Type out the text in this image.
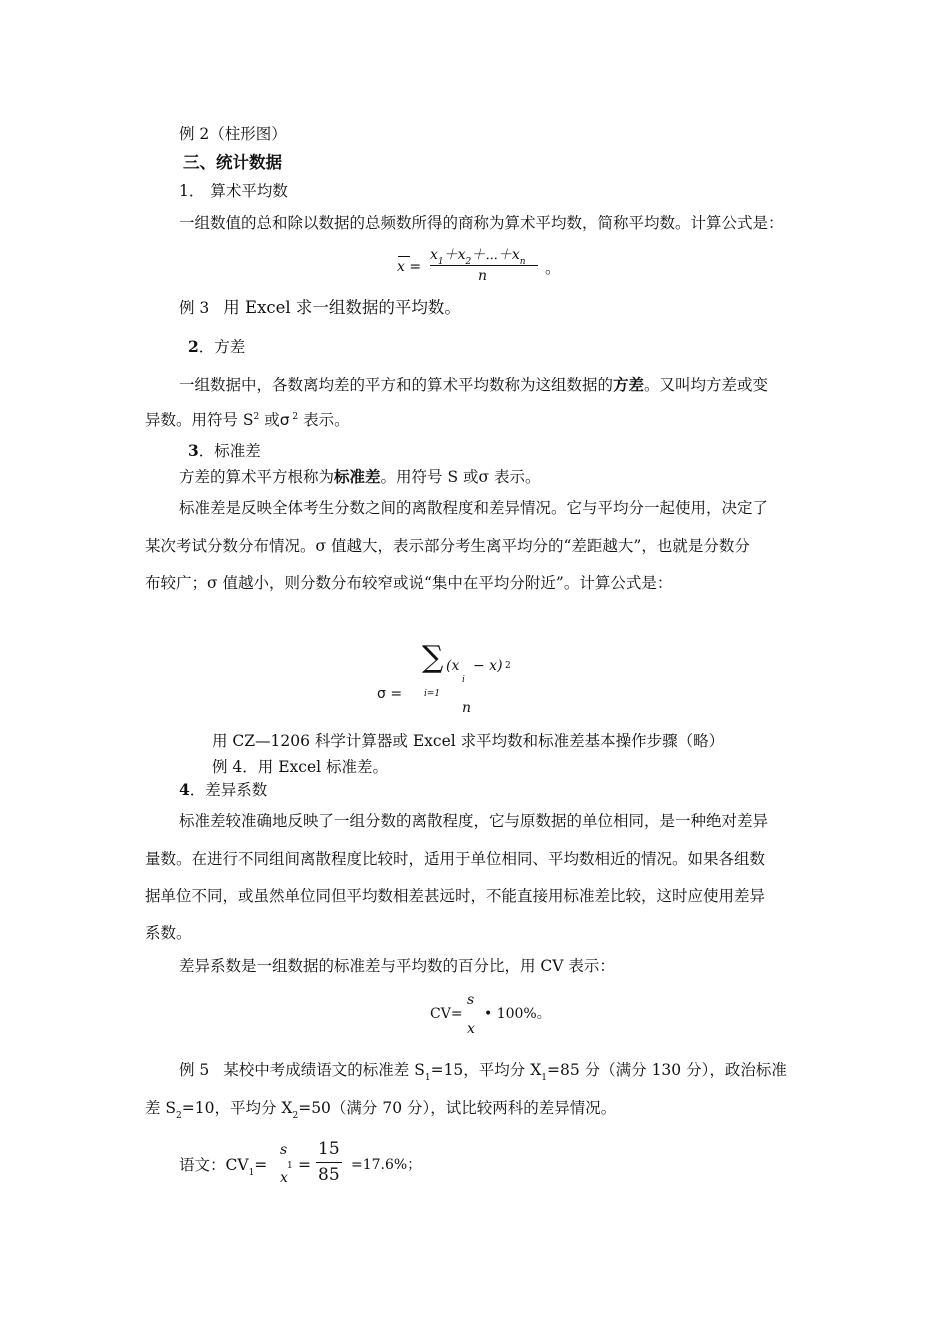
例 2（柱形图）
三、统计数据
1． 算术平均数
一组数值的总和除以数据的总频数所得的商称为算术平均数，简称平均数。计算公式是：
x =
$x_1+x_2+\cdots+x_n$
n	。
例 3 用 Excel 求一组数据的平均数。
2．方差
一组数据中，各数离均差的平方和的算术平均数称为这组数据的方差。又叫均方差或变
异数。用符号 $S^2$ 或σ $^2$ 表示。
3．标准差
方差的算术平方根称为标准差。用符号 S 或σ 表示。
标准差是反映全体考生分数之间的离散程度和差异情况。它与平均分一起使用，决定了
某次考试分数分布情况。σ 值越大，表示部分考生离平均分的“差距越大”，也就是分数分
布较广；σ 值越小，则分数分布较窄或说“集中在平均分附近”。计算公式是：
∑ (x
i
− x) 2
σ = i=1
n
用 CZ—1206 科学计算器或 Excel 求平均数和标准差基本操作步骤（略）
例 4．用 Excel 标准差。
4．差异系数
标准差较准确地反映了一组分数的离散程度，它与原数据的单位相同，是一种绝对差异
量数。在进行不同组间离散程度比较时，适用于单位相同、平均数相近的情况。如果各组数
据单位不同，或虽然单位同但平均数相差甚远时，不能直接用标准差比较，这时应使用差异
系数。
差异系数是一组数据的标准差与平均数的百分比，用 CV 表示：
s
CV= • 100%。
x
例 5 某校中考成绩语文的标准差 $S_1=15$，平均分 $X_1=85$ 分（满分 130 分），政治标准
差 $S_2=10$，平均分 $X_2=50$（满分 70 分），试比较两科的差异情况。
语文：$CV_1=$
s
1
x
=
15
85 =17.6%；
